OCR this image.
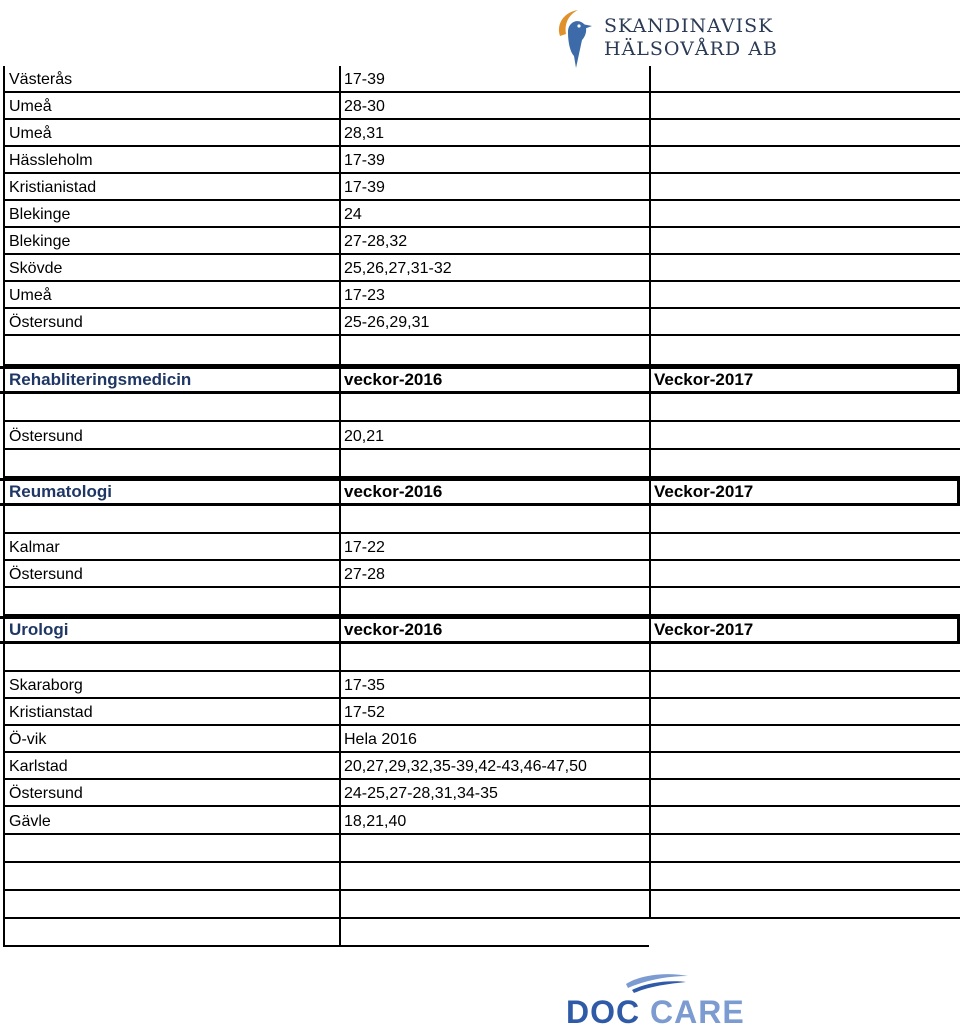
SKANDINAVISK
HÄLSOVÅRD AB
Västerås	17-39
Umeå	28-30
Umeå	28,31
Hässleholm	17-39
Kristianistad	17-39
Blekinge	24
Blekinge	27-28,32
Skövde	25,26,27,31-32
Umeå	17-23
Östersund	25-26,29,31
Rehabliteringsmedicin	veckor-2016	Veckor-2017
Östersund	20,21
Reumatologi	veckor-2016	Veckor-2017
Kalmar	17-22
Östersund	27-28
Urologi	veckor-2016	Veckor-2017
Skaraborg	17-35
Kristianstad	17-52
Ö-vik	Hela 2016
Karlstad	20,27,29,32,35-39,42-43,46-47,50
Östersund	24-25,27-28,31,34-35
Gävle	18,21,40
DOC CARE
